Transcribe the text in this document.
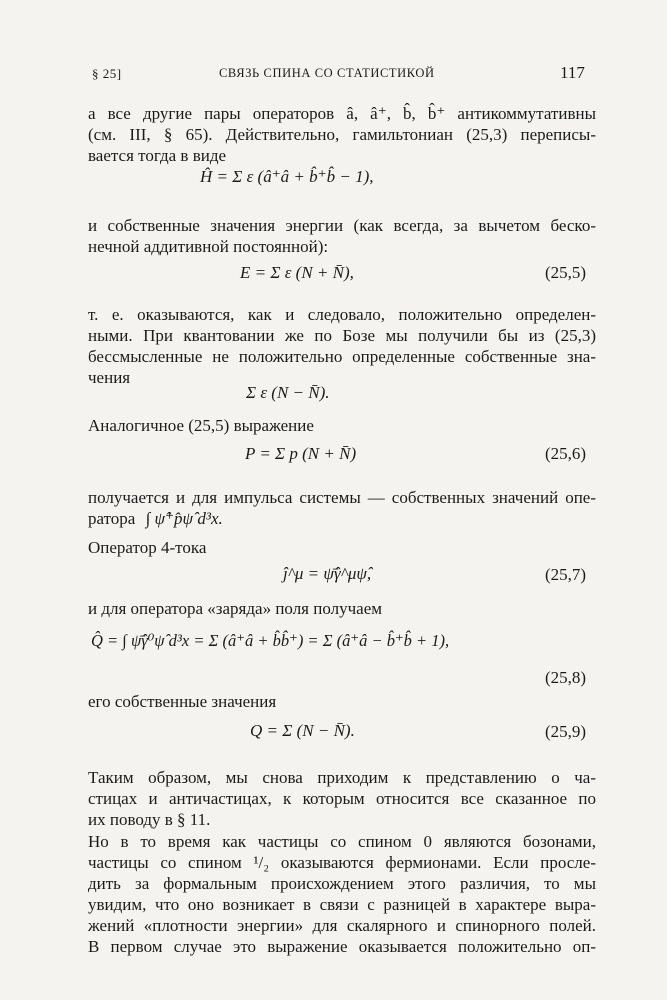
§ 25]	СВЯЗЬ СПИНА СО СТАТИСТИКОЙ	117

а все другие пары операторов â, â⁺, b̂, b̂⁺ антикоммутативны
(см. III, § 65). Действительно, гамильтониан (25,3) переписы-
вается тогда в виде

Ĥ = Σ ε (â⁺â + b̂⁺b̂ − 1),

и собственные значения энергии (как всегда, за вычетом беско-
нечной аддитивной постоянной):

E = Σ ε (N + N̄),	(25,5)

т. е. оказываются, как и следовало, положительно определен-
ными. При квантовании же по Бозе мы получили бы из (25,3)
бессмысленные не положительно определенные собственные зна-
чения

Σ ε (N − N̄).

Аналогичное (25,5) выражение

P = Σ p (N + N̄)	(25,6)

получается и для импульса системы — собственных значений опе-
ратора ∫ ψ̂⁺p̂ψ̂ d³x.

Оператор 4-тока

ĵ^μ = ψ̂̄γ^μψ̂,	(25,7)

и для оператора «заряда» поля получаем

Q̂ = ∫ ψ̂̄γ⁰ψ̂ d³x = Σ (â⁺â + b̂b̂⁺) = Σ (â⁺â − b̂⁺b̂ + 1),
(25,8)

его собственные значения

Q = Σ (N − N̄).	(25,9)

Таким образом, мы снова приходим к представлению о ча-
стицах и античастицах, к которым относится все сказанное по
их поводу в § 11.

Но в то время как частицы со спином 0 являются бозонами,
частицы со спином ¹/₂ оказываются фермионами. Если просле-
дить за формальным происхождением этого различия, то мы
увидим, что оно возникает в связи с разницей в характере выра-
жений «плотности энергии» для скалярного и спинорного полей.
В первом случае это выражение оказывается положительно оп-
